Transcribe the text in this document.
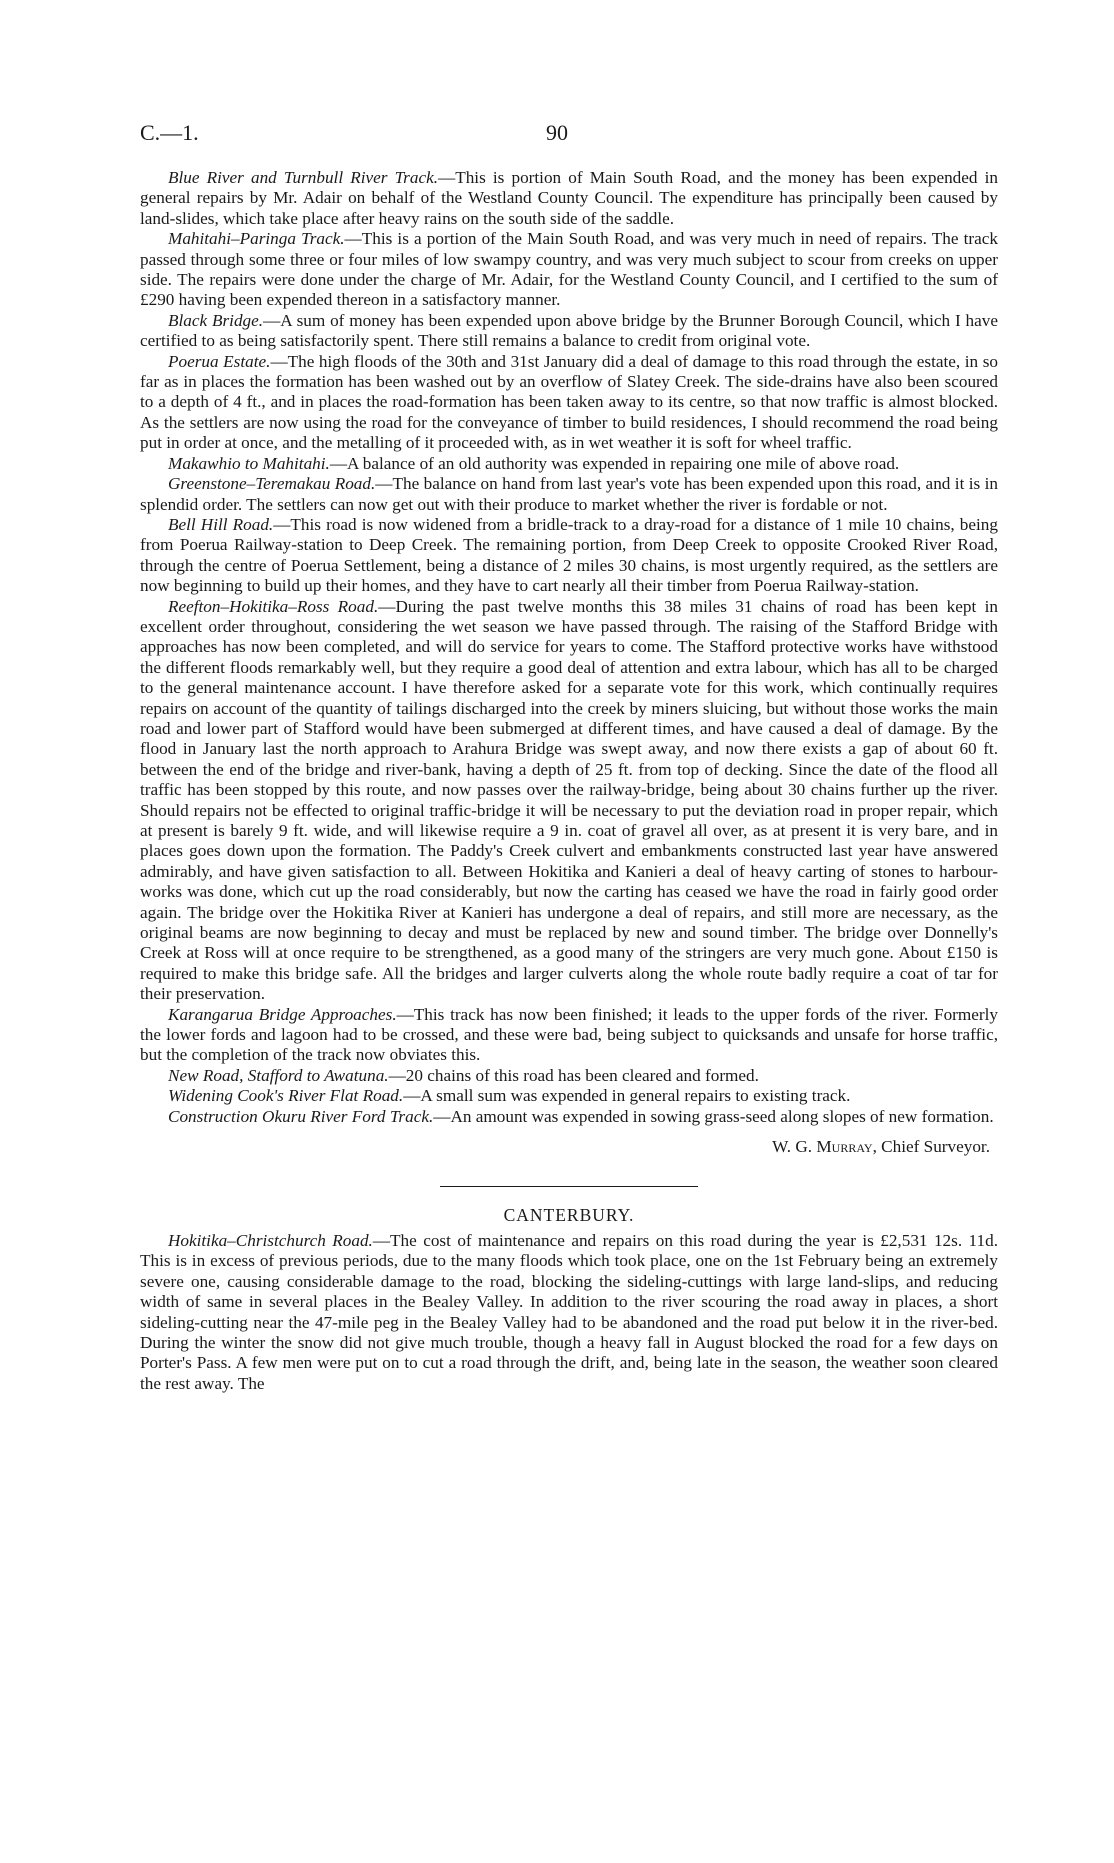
C.—1.	90

Blue River and Turnbull River Track.—This is portion of Main South Road, and the money has been expended in general repairs by Mr. Adair on behalf of the Westland County Council. The expenditure has principally been caused by land-slides, which take place after heavy rains on the south side of the saddle.

Mahitahi–Paringa Track.—This is a portion of the Main South Road, and was very much in need of repairs. The track passed through some three or four miles of low swampy country, and was very much subject to scour from creeks on upper side. The repairs were done under the charge of Mr. Adair, for the Westland County Council, and I certified to the sum of £290 having been expended thereon in a satisfactory manner.

Black Bridge.—A sum of money has been expended upon above bridge by the Brunner Borough Council, which I have certified to as being satisfactorily spent. There still remains a balance to credit from original vote.

Poerua Estate.—The high floods of the 30th and 31st January did a deal of damage to this road through the estate, in so far as in places the formation has been washed out by an overflow of Slatey Creek. The side-drains have also been scoured to a depth of 4 ft., and in places the road-formation has been taken away to its centre, so that now traffic is almost blocked. As the settlers are now using the road for the conveyance of timber to build residences, I should recommend the road being put in order at once, and the metalling of it proceeded with, as in wet weather it is soft for wheel traffic.

Makawhio to Mahitahi.—A balance of an old authority was expended in repairing one mile of above road.

Greenstone–Teremakau Road.—The balance on hand from last year's vote has been expended upon this road, and it is in splendid order. The settlers can now get out with their produce to market whether the river is fordable or not.

Bell Hill Road.—This road is now widened from a bridle-track to a dray-road for a distance of 1 mile 10 chains, being from Poerua Railway-station to Deep Creek. The remaining portion, from Deep Creek to opposite Crooked River Road, through the centre of Poerua Settlement, being a distance of 2 miles 30 chains, is most urgently required, as the settlers are now beginning to build up their homes, and they have to cart nearly all their timber from Poerua Railway-station.

Reefton–Hokitika–Ross Road.—During the past twelve months this 38 miles 31 chains of road has been kept in excellent order throughout, considering the wet season we have passed through. The raising of the Stafford Bridge with approaches has now been completed, and will do service for years to come. The Stafford protective works have withstood the different floods remarkably well, but they require a good deal of attention and extra labour, which has all to be charged to the general maintenance account. I have therefore asked for a separate vote for this work, which continually requires repairs on account of the quantity of tailings discharged into the creek by miners sluicing, but without those works the main road and lower part of Stafford would have been submerged at different times, and have caused a deal of damage. By the flood in January last the north approach to Arahura Bridge was swept away, and now there exists a gap of about 60 ft. between the end of the bridge and river-bank, having a depth of 25 ft. from top of decking. Since the date of the flood all traffic has been stopped by this route, and now passes over the railway-bridge, being about 30 chains further up the river. Should repairs not be effected to original traffic-bridge it will be necessary to put the deviation road in proper repair, which at present is barely 9 ft. wide, and will likewise require a 9 in. coat of gravel all over, as at present it is very bare, and in places goes down upon the formation. The Paddy's Creek culvert and embankments constructed last year have answered admirably, and have given satisfaction to all. Between Hokitika and Kanieri a deal of heavy carting of stones to harbour-works was done, which cut up the road considerably, but now the carting has ceased we have the road in fairly good order again. The bridge over the Hokitika River at Kanieri has undergone a deal of repairs, and still more are necessary, as the original beams are now beginning to decay and must be replaced by new and sound timber. The bridge over Donnelly's Creek at Ross will at once require to be strengthened, as a good many of the stringers are very much gone. About £150 is required to make this bridge safe. All the bridges and larger culverts along the whole route badly require a coat of tar for their preservation.

Karangarua Bridge Approaches.—This track has now been finished; it leads to the upper fords of the river. Formerly the lower fords and lagoon had to be crossed, and these were bad, being subject to quicksands and unsafe for horse traffic, but the completion of the track now obviates this.

New Road, Stafford to Awatuna.—20 chains of this road has been cleared and formed.

Widening Cook's River Flat Road.—A small sum was expended in general repairs to existing track.

Construction Okuru River Ford Track.—An amount was expended in sowing grass-seed along slopes of new formation.

W. G. Murray, Chief Surveyor.
CANTERBURY.

Hokitika–Christchurch Road.—The cost of maintenance and repairs on this road during the year is £2,531 12s. 11d. This is in excess of previous periods, due to the many floods which took place, one on the 1st February being an extremely severe one, causing considerable damage to the road, blocking the sideling-cuttings with large land-slips, and reducing width of same in several places in the Bealey Valley. In addition to the river scouring the road away in places, a short sideling-cutting near the 47-mile peg in the Bealey Valley had to be abandoned and the road put below it in the river-bed. During the winter the snow did not give much trouble, though a heavy fall in August blocked the road for a few days on Porter's Pass. A few men were put on to cut a road through the drift, and, being late in the season, the weather soon cleared the rest away. The
